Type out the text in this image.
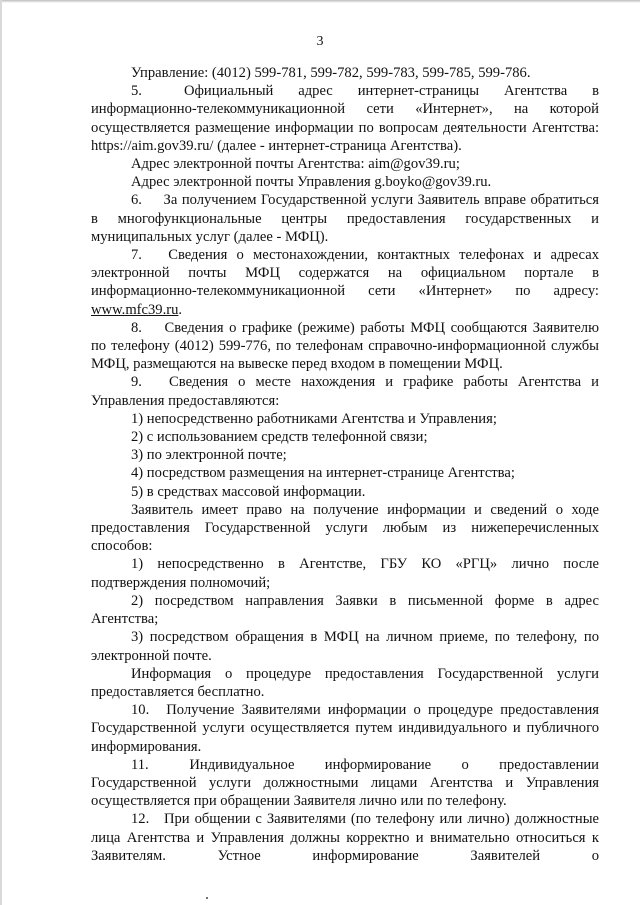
3

Управление: (4012) 599-781, 599-782, 599-783, 599-785, 599-786.

5.	Официальный адрес интернет-страницы Агентства в информационно-телекоммуникационной сети «Интернет», на которой осуществляется размещение информации по вопросам деятельности Агентства: https://aim.gov39.ru/ (далее - интернет-страница Агентства).

Адрес электронной почты Агентства: aim@gov39.ru;

Адрес электронной почты Управления g.boyko@gov39.ru.

6. За получением Государственной услуги Заявитель вправе обратиться в многофункциональные центры предоставления государственных и муниципальных услуг (далее - МФЦ).

7. Сведения о местонахождении, контактных телефонах и адресах электронной почты МФЦ содержатся на официальном портале в информационно-телекоммуникационной сети «Интернет» по адресу: www.mfc39.ru.

8. Сведения о графике (режиме) работы МФЦ сообщаются Заявителю по телефону (4012) 599-776, по телефонам справочно-информационной службы МФЦ, размещаются на вывеске перед входом в помещении МФЦ.

9. Сведения о месте нахождения и графике работы Агентства и Управления предоставляются:

1) непосредственно работниками Агентства и Управления;

2) с использованием средств телефонной связи;

3) по электронной почте;

4) посредством размещения на интернет-странице Агентства;

5) в средствах массовой информации.

Заявитель имеет право на получение информации и сведений о ходе предоставления Государственной услуги любым из нижеперечисленных способов:

1) непосредственно в Агентстве, ГБУ КО «РГЦ» лично после подтверждения полномочий;

2) посредством направления Заявки в письменной форме в адрес Агентства;

3) посредством обращения в МФЦ на личном приеме, по телефону, по электронной почте.

Информация о процедуре предоставления Государственной услуги предоставляется бесплатно.

10. Получение Заявителями информации о процедуре предоставления Государственной услуги осуществляется путем индивидуального и публичного информирования.

11.	Индивидуальное информирование о предоставлении Государственной услуги должностными лицами Агентства и Управления осуществляется при обращении Заявителя лично или по телефону.

12. При общении с Заявителями (по телефону или лично) должностные лица Агентства и Управления должны корректно и внимательно относиться к Заявителям. Устное информирование Заявителей о
